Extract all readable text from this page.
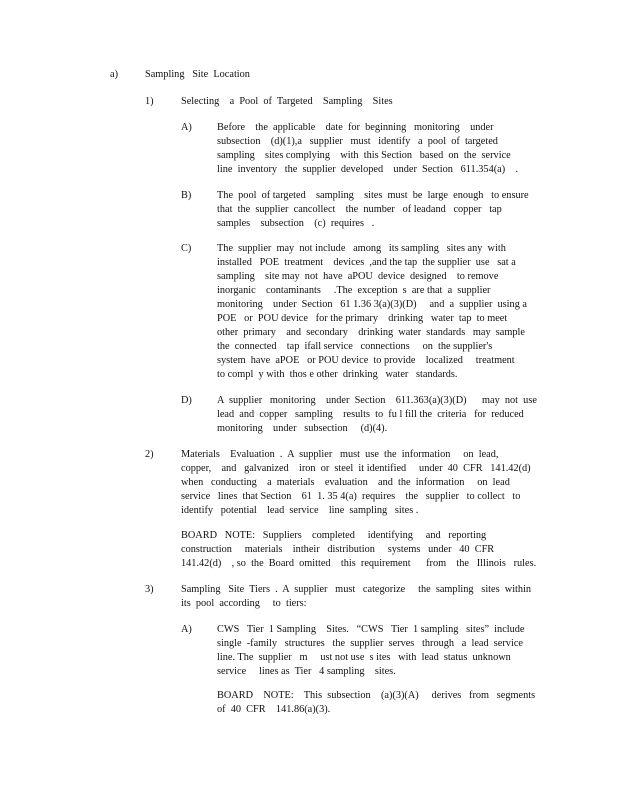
a)	Sampling   Site  Location
1)	Selecting    a  Pool  of  Targeted    Sampling    Sites
A) Before    the  applicable    date  for  beginning   monitoring    under
subsection    (d)(1),a   supplier   must   identify   a  pool  of  targeted
sampling    sites complying    with  this Section   based  on  the  service
line  inventory   the  supplier  developed    under  Section   611.354(a)    .
B) The  pool  of targeted    sampling    sites  must  be  large  enough   to ensure
that  the  supplier  cancollect    the  number   of leadand   copper   tap
samples    subsection    (c)  requires   .
C) The  supplier  may  not include   among   its sampling   sites any  with
installed   POE  treatment    devices  ,and the tap  the supplier  use   sat a
sampling    site may  not  have  aPOU  device  designed    to remove
inorganic    contaminants     .The  exception  s  are that  a  supplier
monitoring    under  Section   61 1.36 3(a)(3)(D)     and  a  supplier  using a
POE   or  POU device   for the primary    drinking   water  tap  to meet
other  primary    and  secondary    drinking  water  standards   may  sample
the  connected    tap  ifall service   connections     on  the supplier's
system  have  aPOE   or POU device  to provide    localized     treatment
to compl  y with  thos e other  drinking   water   standards.
D) A  supplier   monitoring    under  Section    611.363(a)(3)(D)      may  not  use
lead  and  copper   sampling    results  to  fu l fill the  criteria   for  reduced
monitoring    under   subsection     (d)(4).
2)	Materials    Evaluation  .  A  supplier   must  use  the  information     on  lead,
copper,    and   galvanized    iron  or  steel  it identified     under  40  CFR   141.42(d)
when   conducting    a  materials    evaluation    and  the  information     on  lead
service   lines  that Section    61  1. 35 4(a)  requires    the   supplier   to collect   to
identify   potential    lead  service    line  sampling   sites .
BOARD   NOTE:   Suppliers    completed     identifying     and   reporting
construction     materials    intheir   distribution     systems   under   40  CFR
141.42(d)    , so  the  Board  omitted    this  requirement      from    the   Illinois   rules.
3)	Sampling   Site  Tiers  .  A  supplier   must   categorize     the  sampling   sites  within
its  pool  according     to  tiers:
A) CWS   Tier  1 Sampling    Sites.   “CWS   Tier  1 sampling   sites”  include
single  -family   structures   the  supplier  serves   through   a  lead  service
line. The  supplier   m     ust not use  s ites   with  lead  status  unknown
service     lines as  Tier   4 sampling    sites.
BOARD    NOTE:    This  subsection    (a)(3)(A)     derives   from   segments
of  40  CFR    141.86(a)(3).
